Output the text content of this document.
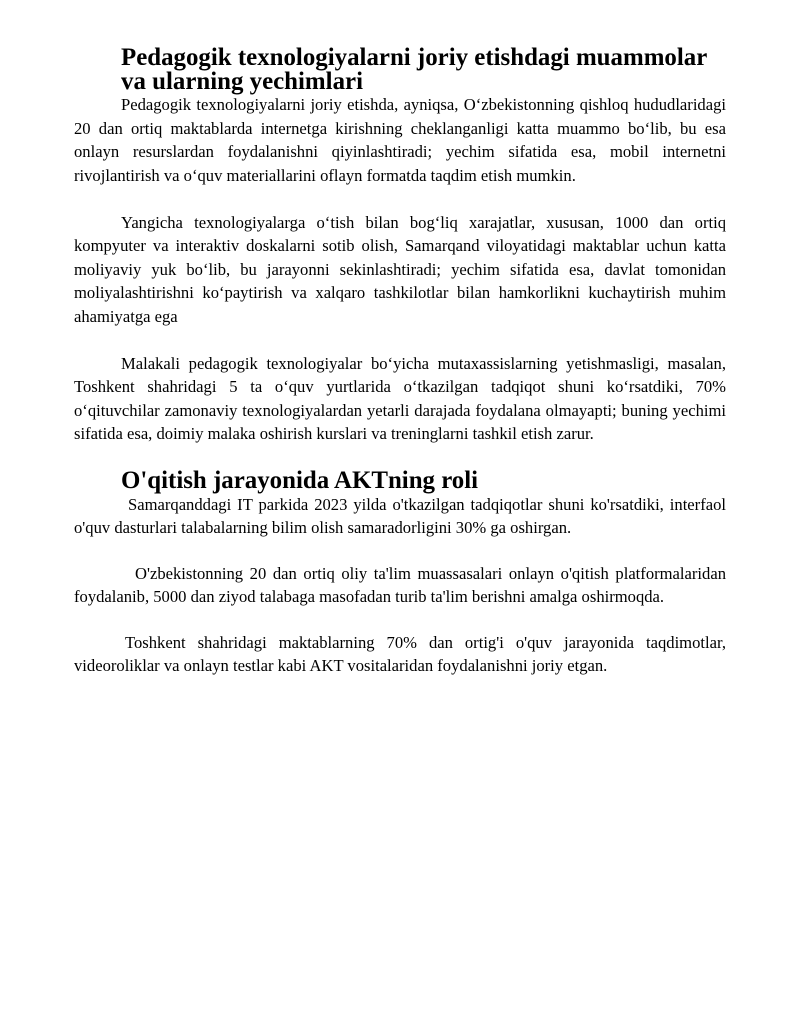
Pedagogik texnologiyalarni joriy etishdagi muammolar va ularning yechimlari

Pedagogik texnologiyalarni joriy etishda, ayniqsa, O‘zbekistonning qishloq hududlaridagi 20 dan ortiq maktablarda internetga kirishning cheklanganligi katta muammo bo‘lib, bu esa onlayn resurslardan foydalanishni qiyinlashtiradi; yechim sifatida esa, mobil internetni rivojlantirish va o‘quv materiallarini oflayn formatda taqdim etish mumkin.

Yangicha texnologiyalarga o‘tish bilan bog‘liq xarajatlar, xususan, 1000 dan ortiq kompyuter va interaktiv doskalarni sotib olish, Samarqand viloyatidagi maktablar uchun katta moliyaviy yuk bo‘lib, bu jarayonni sekinlashtiradi; yechim sifatida esa, davlat tomonidan moliyalashtirishni ko‘paytirish va xalqaro tashkilotlar bilan hamkorlikni kuchaytirish muhim ahamiyatga ega

Malakali pedagogik texnologiyalar bo‘yicha mutaxassislarning yetishmasligi, masalan, Toshkent shahridagi 5 ta o‘quv yurtlarida o‘tkazilgan tadqiqot shuni ko‘rsatdiki, 70% o‘qituvchilar zamonaviy texnologiyalardan yetarli darajada foydalana olmayapti; buning yechimi sifatida esa, doimiy malaka oshirish kurslari va treninglarni tashkil etish zarur.

O'qitish jarayonida AKTning roli

Samarqanddagi IT parkida 2023 yilda o'tkazilgan tadqiqotlar shuni ko'rsatdiki, interfaol o'quv dasturlari talabalarning bilim olish samaradorligini 30% ga oshirgan.

O'zbekistonning 20 dan ortiq oliy ta'lim muassasalari onlayn o'qitish platformalaridan foydalanib, 5000 dan ziyod talabaga masofadan turib ta'lim berishni amalga oshirmoqda.

Toshkent shahridagi maktablarning 70% dan ortig'i o'quv jarayonida taqdimotlar, videoroliklar va onlayn testlar kabi AKT vositalaridan foydalanishni joriy etgan.
